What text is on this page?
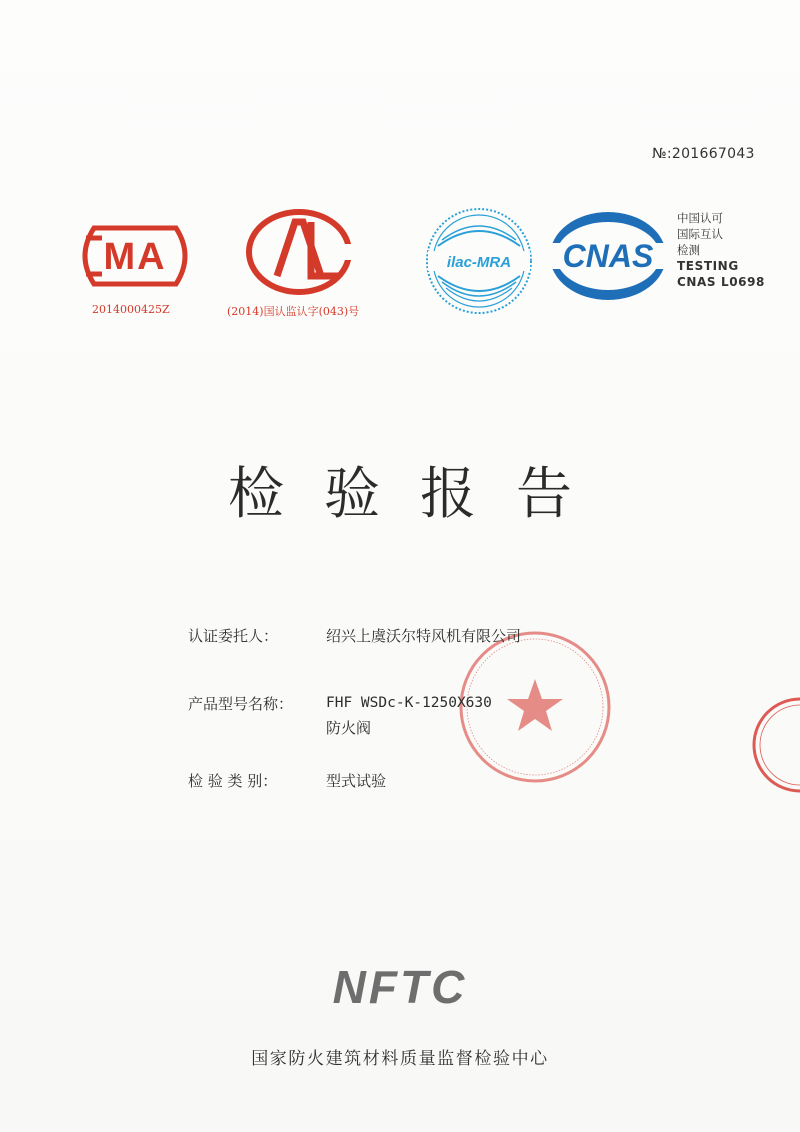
№:201667043
MA
2014000425Z	(2014)国认监认字(043)号
ilac-MRA CNAS
中国认可
国际互认
检测
TESTING
CNAS L0698
检验报告
认证委托人：	绍兴上虞沃尔特风机有限公司
产品型号名称： FHF WSDc-K-1250X630
防火阀
检 验 类 别：	型式试验
NFTC
国家防火建筑材料质量监督检验中心
